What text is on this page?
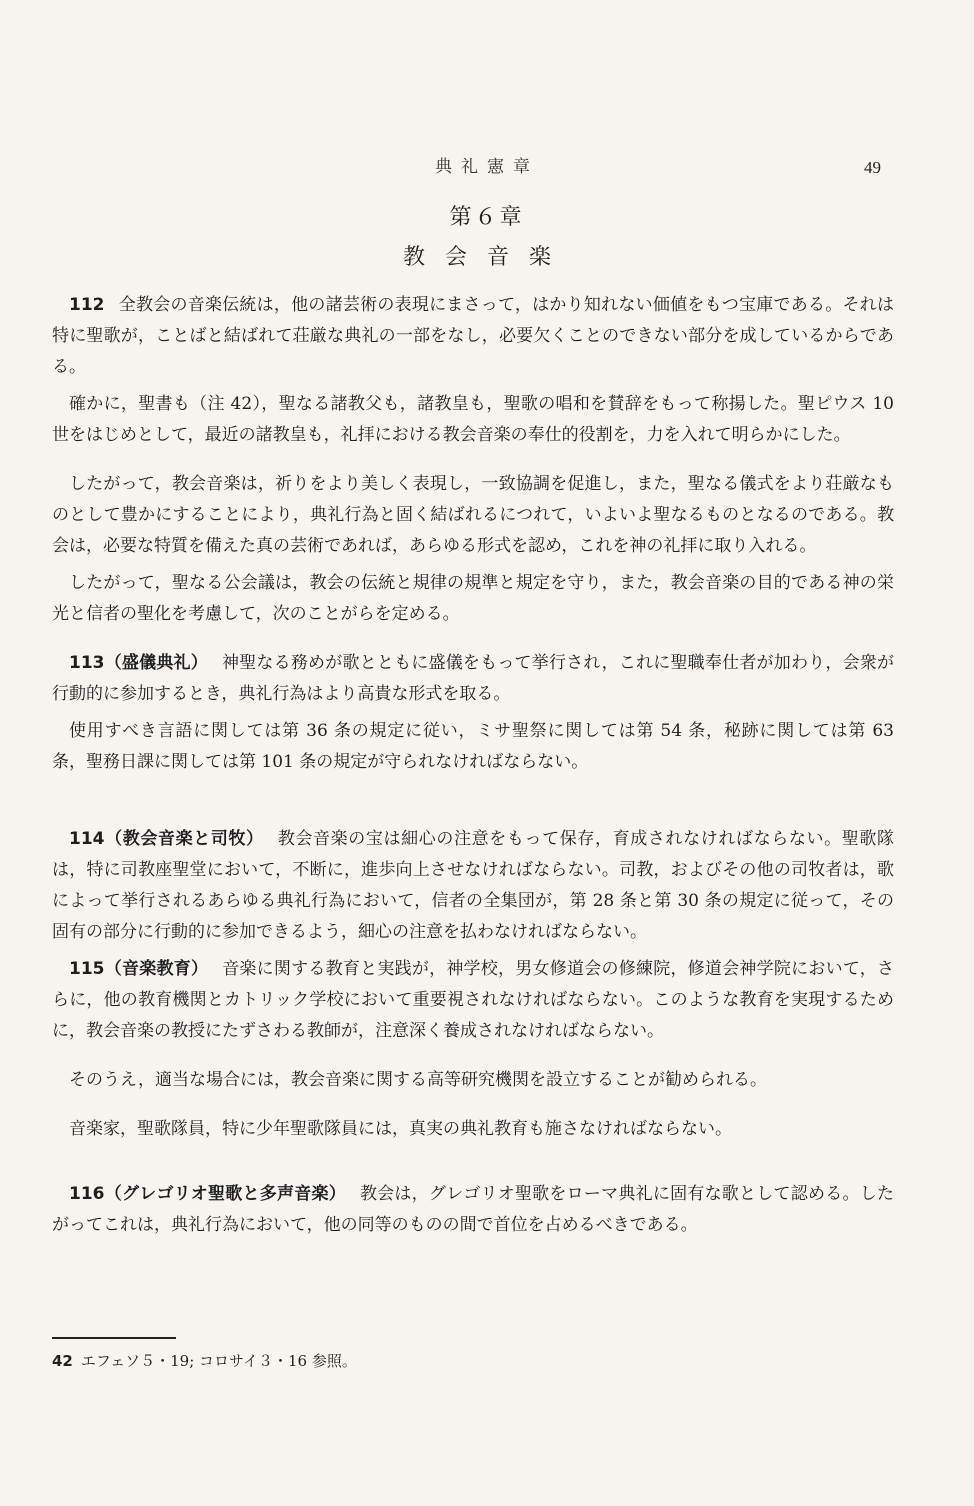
典礼憲章	49
第６章
教会音楽

112 全教会の音楽伝統は，他の諸芸術の表現にまさって，はかり知れない価値をもつ宝庫である。それは特に聖歌が，ことばと結ばれて荘厳な典礼の一部をなし，必要欠くことのできない部分を成しているからである。

確かに，聖書も（注 42），聖なる諸教父も，諸教皇も，聖歌の唱和を賛辞をもって称揚した。聖ピウス 10 世をはじめとして，最近の諸教皇も，礼拝における教会音楽の奉仕的役割を，力を入れて明らかにした。

したがって，教会音楽は，祈りをより美しく表現し，一致協調を促進し，また，聖なる儀式をより荘厳なものとして豊かにすることにより，典礼行為と固く結ばれるにつれて，いよいよ聖なるものとなるのである。教会は，必要な特質を備えた真の芸術であれば，あらゆる形式を認め，これを神の礼拝に取り入れる。

したがって，聖なる公会議は，教会の伝統と規律の規準と規定を守り，また，教会音楽の目的である神の栄光と信者の聖化を考慮して，次のことがらを定める。

113（盛儀典礼） 神聖なる務めが歌とともに盛儀をもって挙行され，これに聖職奉仕者が加わり，会衆が行動的に参加するとき，典礼行為はより高貴な形式を取る。

使用すべき言語に関しては第 36 条の規定に従い，ミサ聖祭に関しては第 54 条，秘跡に関しては第 63 条，聖務日課に関しては第 101 条の規定が守られなければならない。

114（教会音楽と司牧） 教会音楽の宝は細心の注意をもって保存，育成されなければならない。聖歌隊は，特に司教座聖堂において，不断に，進歩向上させなければならない。司教，およびその他の司牧者は，歌によって挙行されるあらゆる典礼行為において，信者の全集団が，第 28 条と第 30 条の規定に従って，その固有の部分に行動的に参加できるよう，細心の注意を払わなければならない。

115（音楽教育） 音楽に関する教育と実践が，神学校，男女修道会の修練院，修道会神学院において，さらに，他の教育機関とカトリック学校において重要視されなければならない。このような教育を実現するために，教会音楽の教授にたずさわる教師が，注意深く養成されなければならない。

そのうえ，適当な場合には，教会音楽に関する高等研究機関を設立することが勧められる。

音楽家，聖歌隊員，特に少年聖歌隊員には，真実の典礼教育も施さなければならない。

116（グレゴリオ聖歌と多声音楽） 教会は，グレゴリオ聖歌をローマ典礼に固有な歌として認める。したがってこれは，典礼行為において，他の同等のものの間で首位を占めるべきである。

42 エフェソ５・19; コロサイ３・16 参照。
